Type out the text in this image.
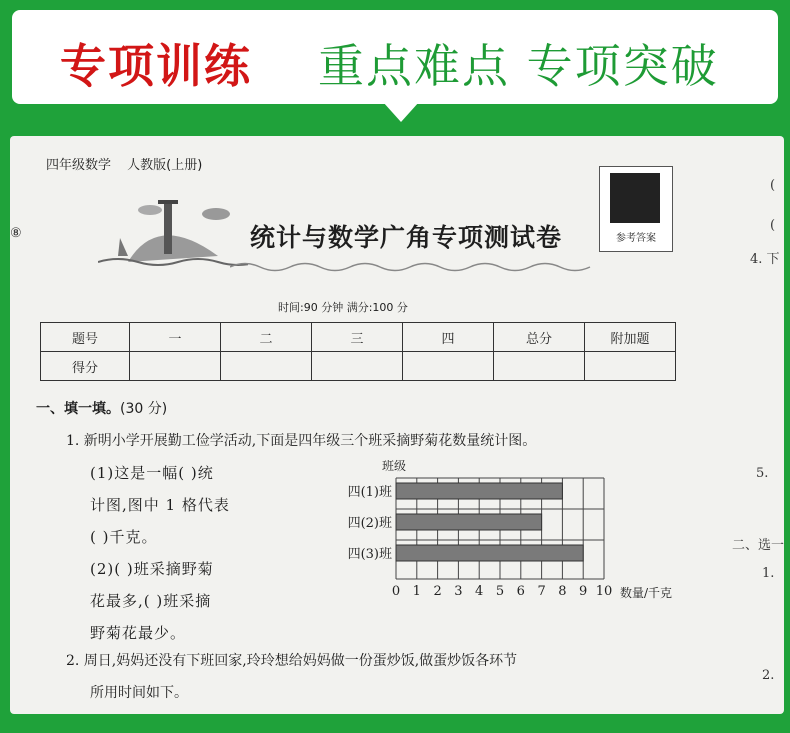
专项训练 重点难点 专项突破
四年级数学 人教版(上册)
统计与数学广角专项测试卷	参考答案
时间:90 分钟 满分:100 分
题号	一	二	三	四	总分	附加题
得分						
一、填一填。(30 分)
1. 新明小学开展勤工俭学活动,下面是四年级三个班采摘野菊花数量统计图。
(1)这是一幅( )统
计图,图中 1 格代表
( )千克。
(2)( )班采摘野菊
花最多,( )班采摘
野菊花最少。
班级
四(1)班
四(2)班
四(3)班
0 1 2 3 4 5 6 7 8 9 10 数量/千克
2. 周日,妈妈还没有下班回家,玲玲想给妈妈做一份蛋炒饭,做蛋炒饭各环节
所用时间如下。
(
(
4. 下
5.
二、选一
1.
2.
⑧
